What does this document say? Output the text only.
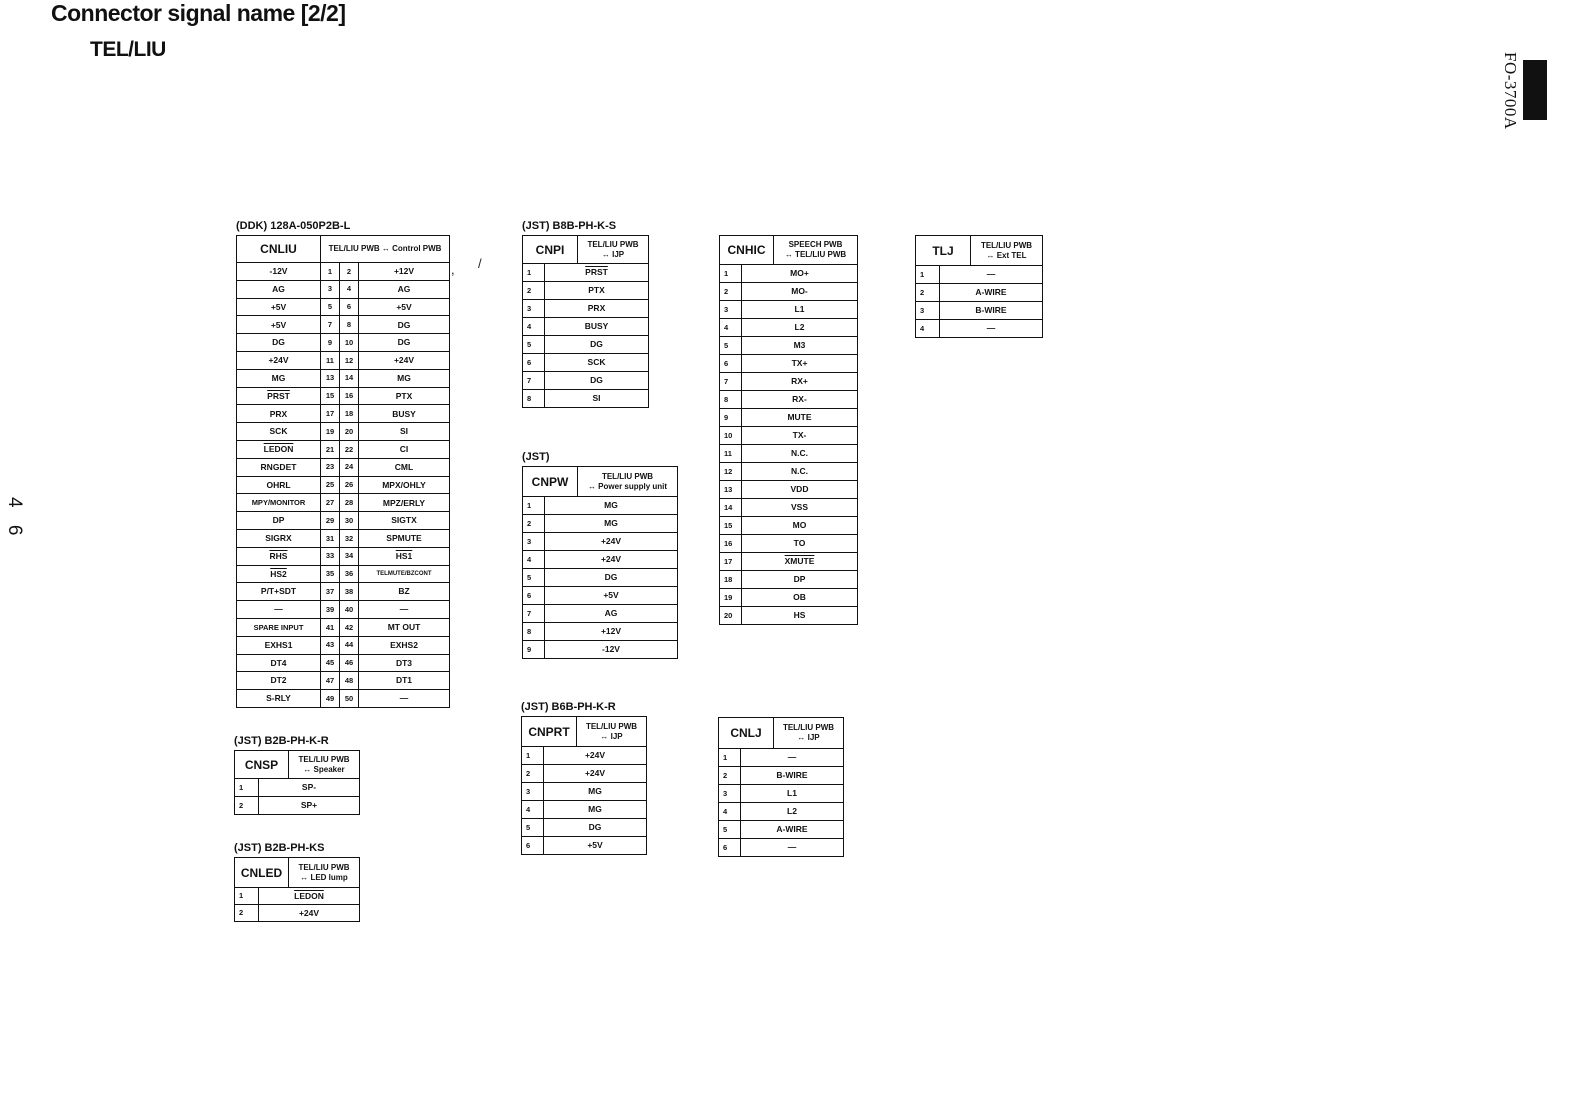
Connector signal name [2/2]
TEL/LIU
FO-3700A
4 6
, /
(DDK) 128A-050P2B-L
CNLIU	TEL/LIU PWB ↔ Control PWB		
-12V	1	2	+12V
AG	3	4	AG
+5V	5	6	+5V
+5V	7	8	DG
DG	9	10	DG
+24V	11	12	+24V
MG	13	14	MG
PRST	15	16	PTX
PRX	17	18	BUSY
SCK	19	20	SI
LEDON	21	22	CI
RNGDET	23	24	CML
OHRL	25	26	MPX/OHLY
MPY/MONITOR	27	28	MPZ/ERLY
DP	29	30	SIGTX
SIGRX	31	32	SPMUTE
$\overline{RHS}$	33	34	HS1
HS2	35	36	TELMUTE/BZCONT
P/T+SDT	37	38	BZ
—	39	40	—
SPARE INPUT	41	42	MT OUT
EXHS1	43	44	EXHS2
DT4	45	46	DT3
DT2	47	48	DT1
S-RLY	49	50	—
(JST) B2B-PH-K-R
CNSP		TEL/LIU PWB
↔ Speaker
1	SP-	
2	SP+	
(JST) B2B-PH-KS
CNLED		TEL/LIU PWB
↔ LED lump
1	LEDON	
2	+24V	
(JST) B8B-PH-K-S
CNPI		TEL/LIU PWB
↔ IJP
1	PRST	
2	PTX	
3	PRX	
4	BUSY	
5	DG	
6	SCK	
7	DG	
8	SI	
(JST)
CNPW		TEL/LIU PWB
↔ Power supply unit
1	MG	
2	MG	
3	+24V	
4	+24V	
5	DG	
6	+5V	
7	AG	
8	+12V	
9	-12V	
(JST) B6B-PH-K-R
CNPRT		TEL/LIU PWB
↔ IJP
1	+24V	
2	+24V	
3	MG	
4	MG	
5	DG	
6	+5V	
CNHIC		SPEECH PWB
↔ TEL/LIU PWB
1	MO+	
2	MO-	
3	L1	
4	L2	
5	M3	
6	TX+	
7	RX+	
8	RX-	
9	MUTE	
10	TX-	
11	N.C.	
12	N.C.	
13	VDD	
14	VSS	
15	MO	
16	TO	
17	XMUTE	
18	DP	
19	OB	
20	HS	
CNLJ		TEL/LIU PWB
↔ IJP
1	—	
2	B-WIRE	
3	L1	
4	L2	
5	A-WIRE	
6	—	
TLJ		TEL/LIU PWB
↔ Ext TEL
1	—	
2	A-WIRE	
3	B-WIRE	
4	—	
